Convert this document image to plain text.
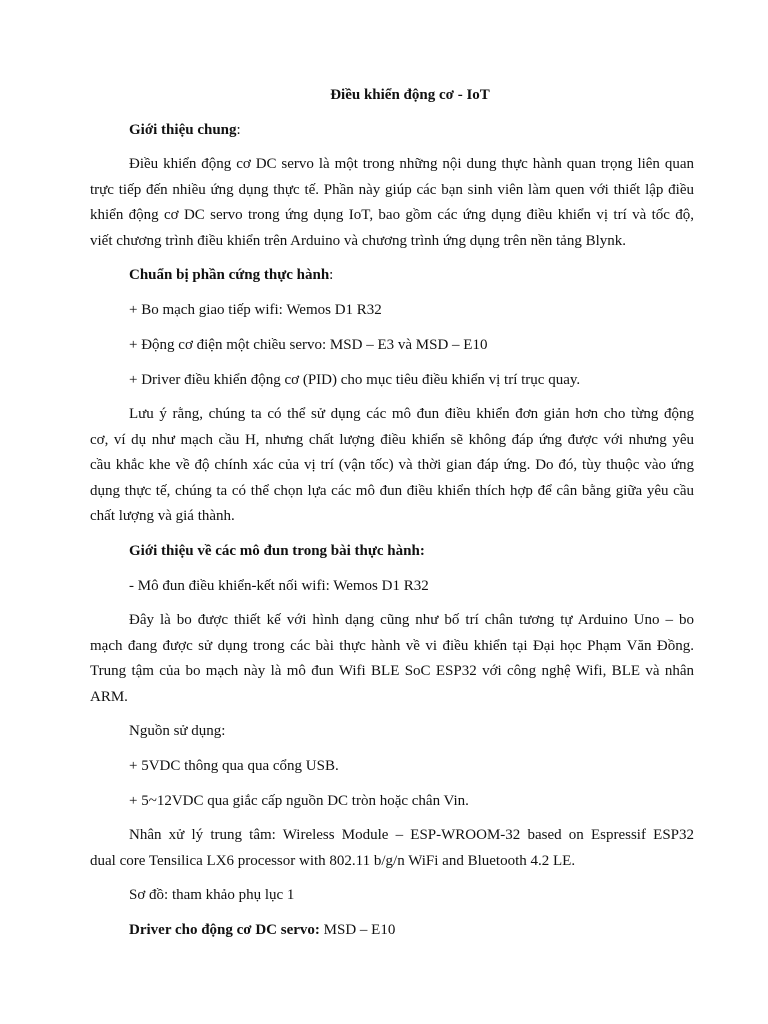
Điều khiển động cơ - IoT
Giới thiệu chung:
Điều khiển động cơ DC servo là một trong những nội dung thực hành quan trọng liên quan
trực tiếp đến nhiều ứng dụng thực tế. Phần này giúp các bạn sinh viên làm quen với thiết lập điều
khiển động cơ DC servo trong ứng dụng IoT, bao gồm các ứng dụng điều khiển vị trí và tốc độ,
viết chương trình điều khiển trên Arduino và chương trình ứng dụng trên nền tảng Blynk.
Chuẩn bị phần cứng thực hành:
+ Bo mạch giao tiếp wifi: Wemos D1 R32
+ Động cơ điện một chiều servo: MSD – E3 và MSD – E10
+ Driver điều khiển động cơ (PID) cho mục tiêu điều khiển vị trí trục quay.
Lưu ý rằng, chúng ta có thể sử dụng các mô đun điều khiển đơn giản hơn cho từng động
cơ, ví dụ như mạch cầu H, nhưng chất lượng điều khiển sẽ không đáp ứng được với nhưng yêu
cầu khắc khe về độ chính xác của vị trí (vận tốc) và thời gian đáp ứng. Do đó, tùy thuộc vào ứng
dụng thực tế, chúng ta có thể chọn lựa các mô đun điều khiển thích hợp để cân bằng giữa yêu cầu
chất lượng và giá thành.
Giới thiệu về các mô đun trong bài thực hành:
- Mô đun điều khiển-kết nối wifi: Wemos D1 R32
Đây là bo được thiết kế với hình dạng cũng như bố trí chân tương tự Arduino Uno – bo
mạch đang được sử dụng trong các bài thực hành về vi điều khiển tại Đại học Phạm Văn Đồng.
Trung tậm của bo mạch này là mô đun Wifi BLE SoC ESP32 với công nghệ Wifi, BLE và nhân
ARM.
Nguồn sử dụng:
+ 5VDC thông qua qua cổng USB.
+ 5~12VDC qua giắc cấp nguồn DC tròn hoặc chân Vin.
Nhân xử lý trung tâm: Wireless Module – ESP-WROOM-32 based on Espressif ESP32
dual core Tensilica LX6 processor with 802.11 b/g/n WiFi and Bluetooth 4.2 LE.
Sơ đồ: tham khảo phụ lục 1
Driver cho động cơ DC servo: MSD – E10
